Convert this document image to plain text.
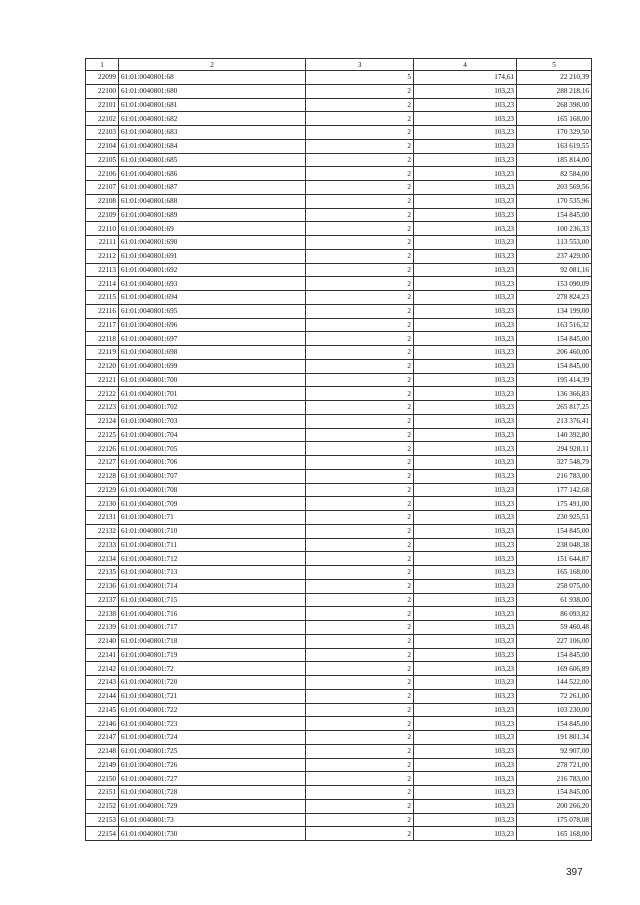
1	2	3	4	5
22099	61:01:0040801:68	5	174,61	22 210,39
22100	61:01:0040801:680	2	103,23	288 218,16
22101	61:01:0040801:681	2	103,23	268 398,00
22102	61:01:0040801:682	2	103,23	165 168,00
22103	61:01:0040801:683	2	103,23	170 329,50
22104	61:01:0040801:684	2	103,23	163 619,55
22105	61:01:0040801:685	2	103,23	185 814,00
22106	61:01:0040801:686	2	103,23	82 584,00
22107	61:01:0040801:687	2	103,23	203 569,56
22108	61:01:0040801:688	2	103,23	170 535,96
22109	61:01:0040801:689	2	103,23	154 845,00
22110	61:01:0040801:69	2	103,23	100 236,33
22111	61:01:0040801:690	2	103,23	113 553,00
22112	61:01:0040801:691	2	103,23	237 429,00
22113	61:01:0040801:692	2	103,23	92 081,16
22114	61:01:0040801:693	2	103,23	153 090,09
22115	61:01:0040801:694	2	103,23	278 824,23
22116	61:01:0040801:695	2	103,23	134 199,00
22117	61:01:0040801:696	2	103,23	163 516,32
22118	61:01:0040801:697	2	103,23	154 845,00
22119	61:01:0040801:698	2	103,23	206 460,00
22120	61:01:0040801:699	2	103,23	154 845,00
22121	61:01:0040801:700	2	103,23	195 414,39
22122	61:01:0040801:701	2	103,23	136 366,83
22123	61:01:0040801:702	2	103,23	265 817,25
22124	61:01:0040801:703	2	103,23	213 376,41
22125	61:01:0040801:704	2	103,23	140 392,80
22126	61:01:0040801:705	2	103,23	294 928,11
22127	61:01:0040801:706	2	103,23	327 548,79
22128	61:01:0040801:707	2	103,23	216 783,00
22129	61:01:0040801:708	2	103,23	177 142,68
22130	61:01:0040801:709	2	103,23	175 491,00
22131	61:01:0040801:71	2	103,23	230 925,51
22132	61:01:0040801:710	2	103,23	154 845,00
22133	61:01:0040801:711	2	103,23	238 048,38
22134	61:01:0040801:712	2	103,23	151 644,87
22135	61:01:0040801:713	2	103,23	165 168,00
22136	61:01:0040801:714	2	103,23	258 075,00
22137	61:01:0040801:715	2	103,23	61 938,00
22138	61:01:0040801:716	2	103,23	86 093,82
22139	61:01:0040801:717	2	103,23	59 460,48
22140	61:01:0040801:718	2	103,23	227 106,00
22141	61:01:0040801:719	2	103,23	154 845,00
22142	61:01:0040801:72	2	103,23	169 606,89
22143	61:01:0040801:720	2	103,23	144 522,00
22144	61:01:0040801:721	2	103,23	72 261,00
22145	61:01:0040801:722	2	103,23	103 230,00
22146	61:01:0040801:723	2	103,23	154 845,00
22147	61:01:0040801:724	2	103,23	191 801,34
22148	61:01:0040801:725	2	103,23	92 907,00
22149	61:01:0040801:726	2	103,23	278 721,00
22150	61:01:0040801:727	2	103,23	216 783,00
22151	61:01:0040801:728	2	103,23	154 845,00
22152	61:01:0040801:729	2	103,23	200 266,20
22153	61:01:0040801:73	2	103,23	175 078,08
22154	61:01:0040801:730	2	103,23	165 168,00
397
